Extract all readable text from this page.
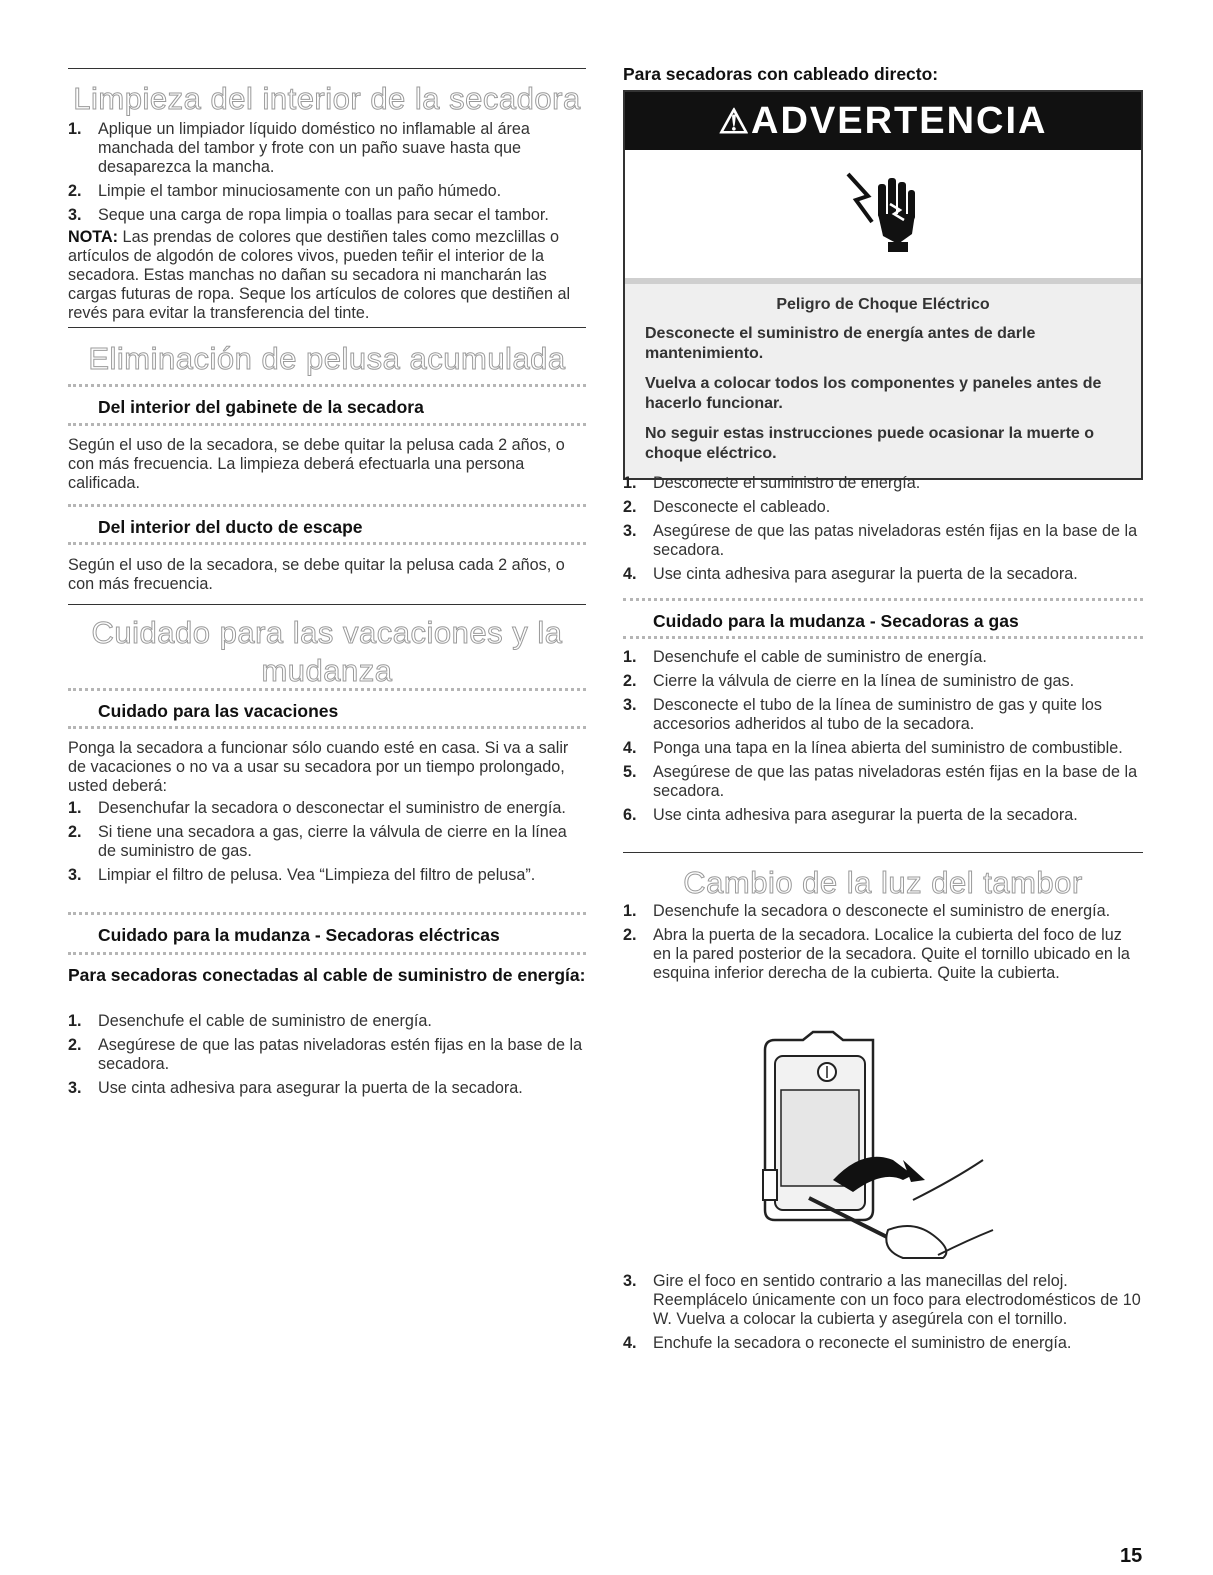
Limpieza del interior de la secadora
1. Aplique un limpiador líquido doméstico no inflamable al área manchada del tambor y frote con un paño suave hasta que desaparezca la mancha.
2. Limpie el tambor minuciosamente con un paño húmedo.
3. Seque una carga de ropa limpia o toallas para secar el tambor.

NOTA: Las prendas de colores que destiñen tales como mezclillas o artículos de algodón de colores vivos, pueden teñir el interior de la secadora. Estas manchas no dañan su secadora ni mancharán las cargas futuras de ropa. Seque los artículos de colores que destiñen al revés para evitar la transferencia del tinte.

Eliminación de pelusa acumulada
Del interior del gabinete de la secadora

Según el uso de la secadora, se debe quitar la pelusa cada 2 años, o con más frecuencia. La limpieza deberá efectuarla una persona calificada.

Del interior del ducto de escape

Según el uso de la secadora, se debe quitar la pelusa cada 2 años, o con más frecuencia.

Cuidado para las vacaciones y la
mudanza
Cuidado para las vacaciones

Ponga la secadora a funcionar sólo cuando esté en casa. Si va a salir de vacaciones o no va a usar su secadora por un tiempo prolongado, usted deberá:

1. Desenchufar la secadora o desconectar el suministro de energía.
2. Si tiene una secadora a gas, cierre la válvula de cierre en la línea de suministro de gas.
3. Limpiar el filtro de pelusa. Vea “Limpieza del filtro de pelusa”.
Cuidado para la mudanza - Secadoras eléctricas
Para secadoras conectadas al cable de suministro de energía:
1. Desenchufe el cable de suministro de energía.
2. Asegúrese de que las patas niveladoras estén fijas en la base de la secadora.
3. Use cinta adhesiva para asegurar la puerta de la secadora.
Para secadoras con cableado directo:
⚠ADVERTENCIA
Peligro de Choque Eléctrico

Desconecte el suministro de energía antes de darle mantenimiento.

Vuelva a colocar todos los componentes y paneles antes de hacerlo funcionar.

No seguir estas instrucciones puede ocasionar la muerte o choque eléctrico.

1. Desconecte el suministro de energía.
2. Desconecte el cableado.
3. Asegúrese de que las patas niveladoras estén fijas en la base de la secadora.
4. Use cinta adhesiva para asegurar la puerta de la secadora.
Cuidado para la mudanza - Secadoras a gas
1. Desenchufe el cable de suministro de energía.
2. Cierre la válvula de cierre en la línea de suministro de gas.
3. Desconecte el tubo de la línea de suministro de gas y quite los accesorios adheridos al tubo de la secadora.
4. Ponga una tapa en la línea abierta del suministro de combustible.
5. Asegúrese de que las patas niveladoras estén fijas en la base de la secadora.
6. Use cinta adhesiva para asegurar la puerta de la secadora.
Cambio de la luz del tambor
1. Desenchufe la secadora o desconecte el suministro de energía.
2. Abra la puerta de la secadora. Localice la cubierta del foco de luz en la pared posterior de la secadora. Quite el tornillo ubicado en la esquina inferior derecha de la cubierta. Quite la cubierta.
3. Gire el foco en sentido contrario a las manecillas del reloj. Reemplácelo únicamente con un foco para electrodomésticos de 10 W. Vuelva a colocar la cubierta y asegúrela con el tornillo.
4. Enchufe la secadora o reconecte el suministro de energía.
15
